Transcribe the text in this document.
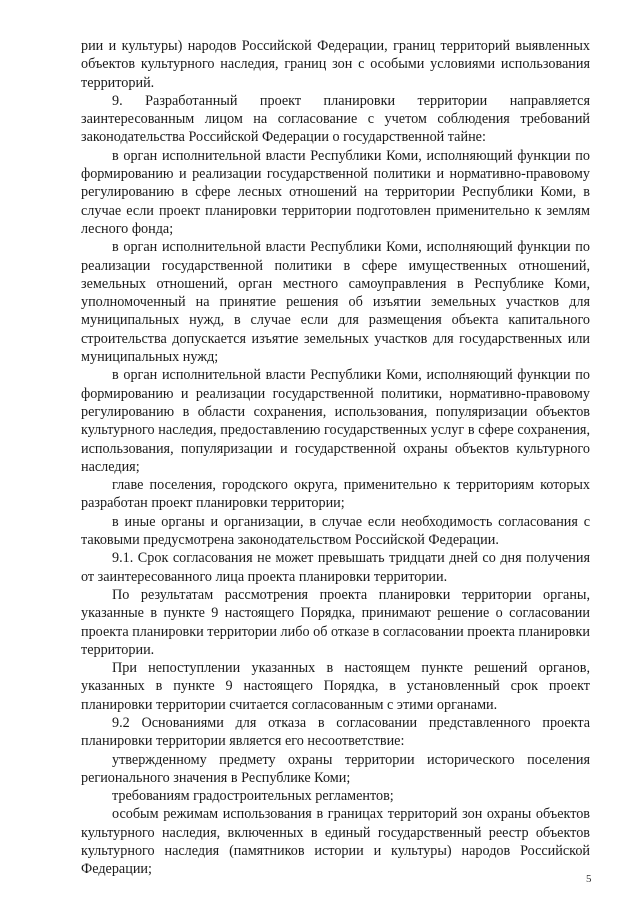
рии и культуры) народов Российской Федерации, границ территорий выявленных объектов культурного наследия, границ зон с особыми условиями использования территорий.

9. Разработанный проект планировки территории направляется заинтересованным лицом на согласование с учетом соблюдения требований законодательства Российской Федерации о государственной тайне:

в орган исполнительной власти Республики Коми, исполняющий функции по формированию и реализации государственной политики и нормативно-правовому регулированию в сфере лесных отношений на территории Республики Коми, в случае если проект планировки территории подготовлен применительно к землям лесного фонда;

в орган исполнительной власти Республики Коми, исполняющий функции по реализации государственной политики в сфере имущественных отношений, земельных отношений, орган местного самоуправления в Республике Коми, уполномоченный на принятие решения об изъятии земельных участков для муниципальных нужд, в случае если для размещения объекта капитального строительства допускается изъятие земельных участков для государственных или муниципальных нужд;

в орган исполнительной власти Республики Коми, исполняющий функции по формированию и реализации государственной политики, нормативно-правовому регулированию в области сохранения, использования, популяризации объектов культурного наследия, предоставлению государственных услуг в сфере сохранения, использования, популяризации и государственной охраны объектов культурного наследия;

главе поселения, городского округа, применительно к территориям которых разработан проект планировки территории;

в иные органы и организации, в случае если необходимость согласования с таковыми предусмотрена законодательством Российской Федерации.

9.1. Срок согласования не может превышать тридцати дней со дня получения от заинтересованного лица проекта планировки территории.

По результатам рассмотрения проекта планировки территории органы, указанные в пункте 9 настоящего Порядка, принимают решение о согласовании проекта планировки территории либо об отказе в согласовании проекта планировки территории.

При непоступлении указанных в настоящем пункте решений органов, указанных в пункте 9 настоящего Порядка, в установленный срок проект планировки территории считается согласованным с этими органами.

9.2 Основаниями для отказа в согласовании представленного проекта планировки территории является его несоответствие:

утвержденному предмету охраны территории исторического поселения регионального значения в Республике Коми;

требованиям градостроительных регламентов;

особым режимам использования в границах территорий зон охраны объектов культурного наследия, включенных в единый государственный реестр объектов культурного наследия (памятников истории и культуры) народов Российской Федерации;

5
